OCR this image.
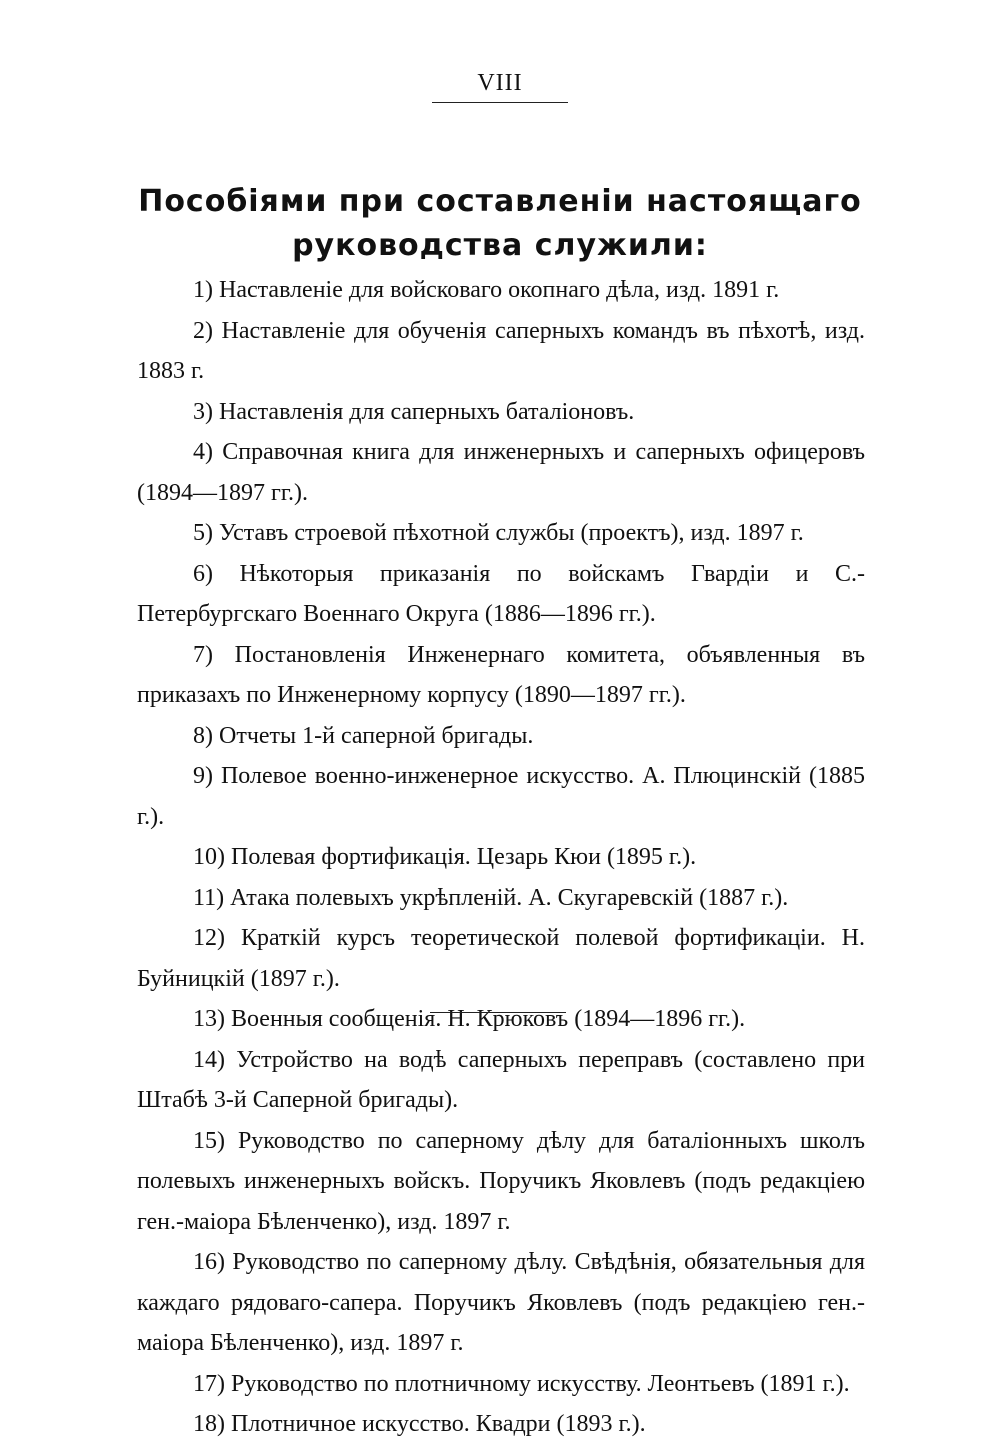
VIII
Пособіями при составленіи настоящаго
руководства служили:

1) Наставленіе для войсковаго окопнаго дѣла, изд. 1891 г.

2) Наставленіе для обученія саперныхъ командъ въ пѣхотѣ, изд. 1883 г.

3) Наставленія для саперныхъ баталіоновъ.

4) Справочная книга для инженерныхъ и саперныхъ офицеровъ (1894—1897 гг.).

5) Уставъ строевой пѣхотной службы (проектъ), изд. 1897 г.

6) Нѣкоторыя приказанія по войскамъ Гвардіи и С.-Петербургскаго Военнаго Округа (1886—1896 гг.).

7) Постановленія Инженернаго комитета, объявленныя въ приказахъ по Инженерному корпусу (1890—1897 гг.).

8) Отчеты 1-й саперной бригады.

9) Полевое военно-инженерное искусство. А. Плюцинскій (1885 г.).

10) Полевая фортификація. Цезарь Кюи (1895 г.).

11) Атака полевыхъ укрѣпленій. А. Скугаревскій (1887 г.).

12) Краткій курсъ теоретической полевой фортификаціи. Н. Буйницкій (1897 г.).

13) Военныя сообщенія. Н. Крюковъ (1894—1896 гг.).

14) Устройство на водѣ саперныхъ переправъ (составлено при Штабѣ 3-й Саперной бригады).

15) Руководство по саперному дѣлу для баталіонныхъ школъ полевыхъ инженерныхъ войскъ. Поручикъ Яковлевъ (подъ редакціею ген.-маіора Бѣленченко), изд. 1897 г.

16) Руководство по саперному дѣлу. Свѣдѣнія, обязательныя для каждаго рядоваго-сапера. Поручикъ Яковлевъ (подъ редакціею ген.-маіора Бѣленченко), изд. 1897 г.

17) Руководство по плотничному искусству. Леонтьевъ (1891 г.).

18) Плотничное искусство. Квадри (1893 г.).
